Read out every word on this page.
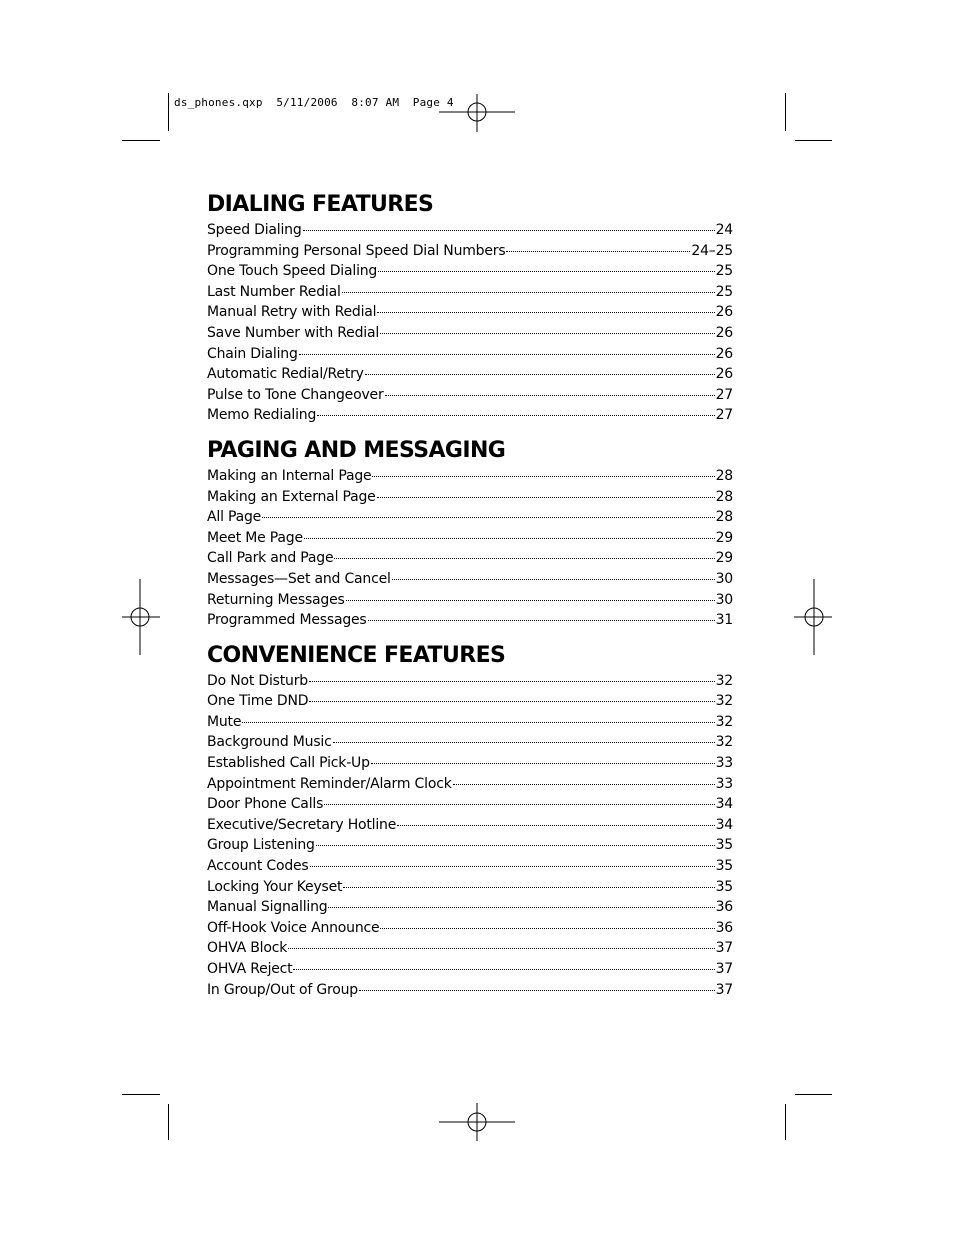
ds_phones.qxp  5/11/2006  8:07 AM  Page 4
DIALING FEATURES
Speed Dialing	24
Programming Personal Speed Dial Numbers	24–25
One Touch Speed Dialing	25
Last Number Redial	25
Manual Retry with Redial	26
Save Number with Redial	26
Chain Dialing	26
Automatic Redial/Retry	26
Pulse to Tone Changeover	27
Memo Redialing	27
PAGING AND MESSAGING
Making an Internal Page	28
Making an External Page	28
All Page	28
Meet Me Page	29
Call Park and Page	29
Messages—Set and Cancel	30
Returning Messages	30
Programmed Messages	31
CONVENIENCE FEATURES
Do Not Disturb	32
One Time DND	32
Mute	32
Background Music	32
Established Call Pick-Up	33
Appointment Reminder/Alarm Clock	33
Door Phone Calls	34
Executive/Secretary Hotline	34
Group Listening	35
Account Codes	35
Locking Your Keyset	35
Manual Signalling	36
Off-Hook Voice Announce	36
OHVA Block	37
OHVA Reject	37
In Group/Out of Group	37
